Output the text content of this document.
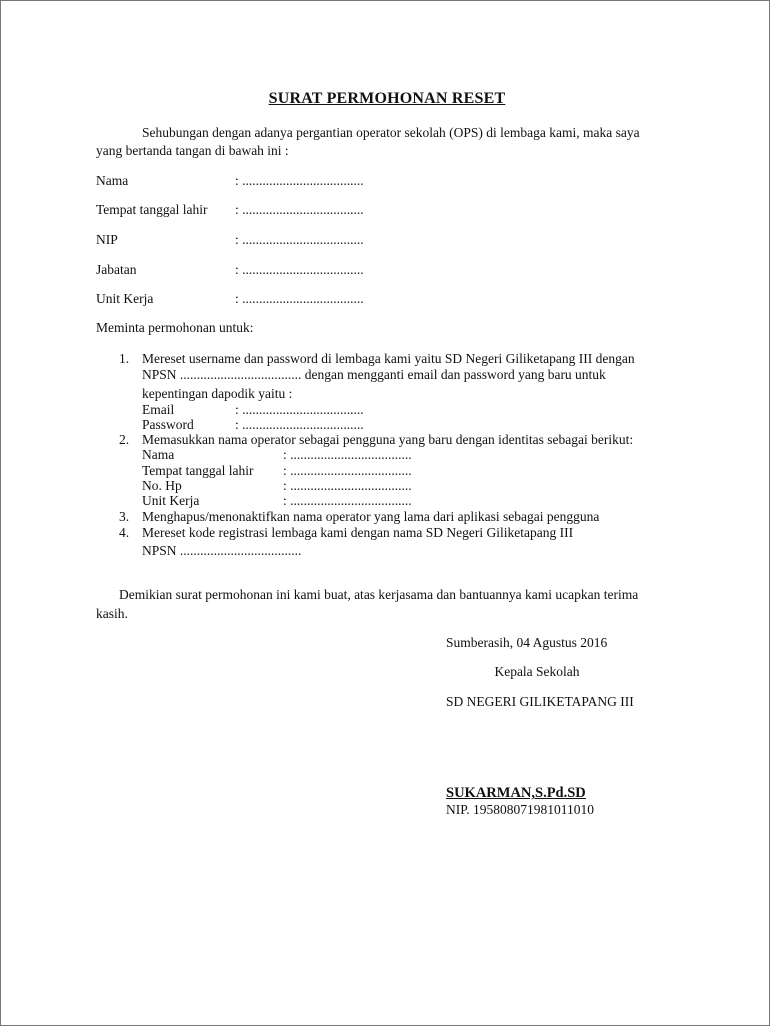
SURAT PERMOHONAN RESET
Sehubungan dengan adanya pergantian operator sekolah (OPS) di lembaga kami, maka saya
yang bertanda tangan di bawah ini :
Nama	: ....................................
Tempat tanggal lahir : ....................................
NIP	: ....................................
Jabatan	: ....................................
Unit Kerja	: ....................................
Meminta permohonan untuk:
1. Mereset username dan password di lembaga kami yaitu SD Negeri Giliketapang III dengan
NPSN .................................... dengan mengganti email dan password yang baru untuk
kepentingan dapodik yaitu :
Email	: ....................................
Password	: ....................................
2. Memasukkan nama operator sebagai pengguna yang baru dengan identitas sebagai berikut:
Nama	: ....................................
Tempat tanggal lahir : ....................................
No. Hp	: ....................................
Unit Kerja	: ....................................
3. Menghapus/menonaktifkan nama operator yang lama dari aplikasi sebagai pengguna
4. Mereset kode registrasi lembaga kami dengan nama SD Negeri Giliketapang III
NPSN ....................................
Demikian surat permohonan ini kami buat, atas kerjasama dan bantuannya kami ucapkan terima
kasih.
Sumberasih, 04 Agustus 2016
Kepala Sekolah
SD NEGERI GILIKETAPANG III
SUKARMAN,S.Pd.SD
NIP. 195808071981011010
